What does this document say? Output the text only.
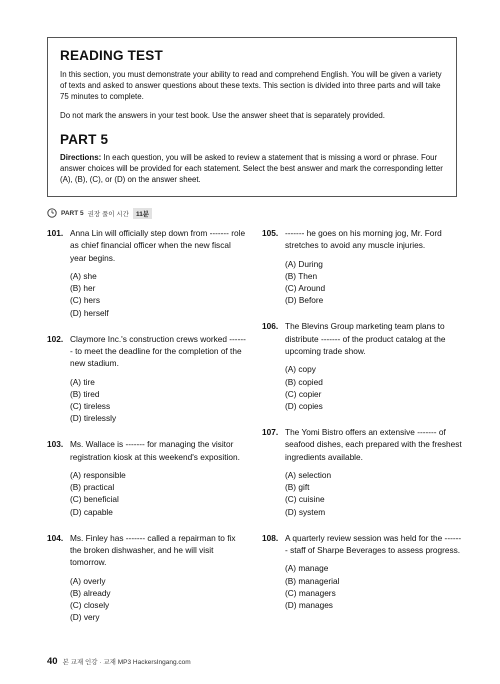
READING TEST

In this section, you must demonstrate your ability to read and comprehend English. You will be given a variety of texts and asked to answer questions about these texts. This section is divided into three parts and will take 75 minutes to complete.

Do not mark the answers in your test book. Use the answer sheet that is separately provided.

PART 5

Directions: In each question, you will be asked to review a statement that is missing a word or phrase. Four answer choices will be provided for each statement. Select the best answer and mark the corresponding letter (A), (B), (C), or (D) on the answer sheet.

PART 5 권장 풀이 시간	11분
101. Anna Lin will officially step down from ------- role as chief financial officer when the new fiscal year begins.
(A) she
(B) her
(C) hers
(D) herself
102. Claymore Inc.'s construction crews worked ------- to meet the deadline for the completion of the new stadium.
(A) tire
(B) tired
(C) tireless
(D) tirelessly
103. Ms. Wallace is ------- for managing the visitor registration kiosk at this weekend's exposition.
(A) responsible
(B) practical
(C) beneficial
(D) capable
104. Ms. Finley has ------- called a repairman to fix the broken dishwasher, and he will visit tomorrow.
(A) overly
(B) already
(C) closely
(D) very
105. ------- he goes on his morning jog, Mr. Ford stretches to avoid any muscle injuries.
(A) During
(B) Then
(C) Around
(D) Before
106. The Blevins Group marketing team plans to distribute ------- of the product catalog at the upcoming trade show.
(A) copy
(B) copied
(C) copier
(D) copies
107. The Yomi Bistro offers an extensive ------- of seafood dishes, each prepared with the freshest ingredients available.
(A) selection
(B) gift
(C) cuisine
(D) system
108. A quarterly review session was held for the ------- staff of Sharpe Beverages to assess progress.
(A) manage
(B) managerial
(C) managers
(D) manages
40 본 교재 인강 · 교재 MP3 HackersIngang.com
